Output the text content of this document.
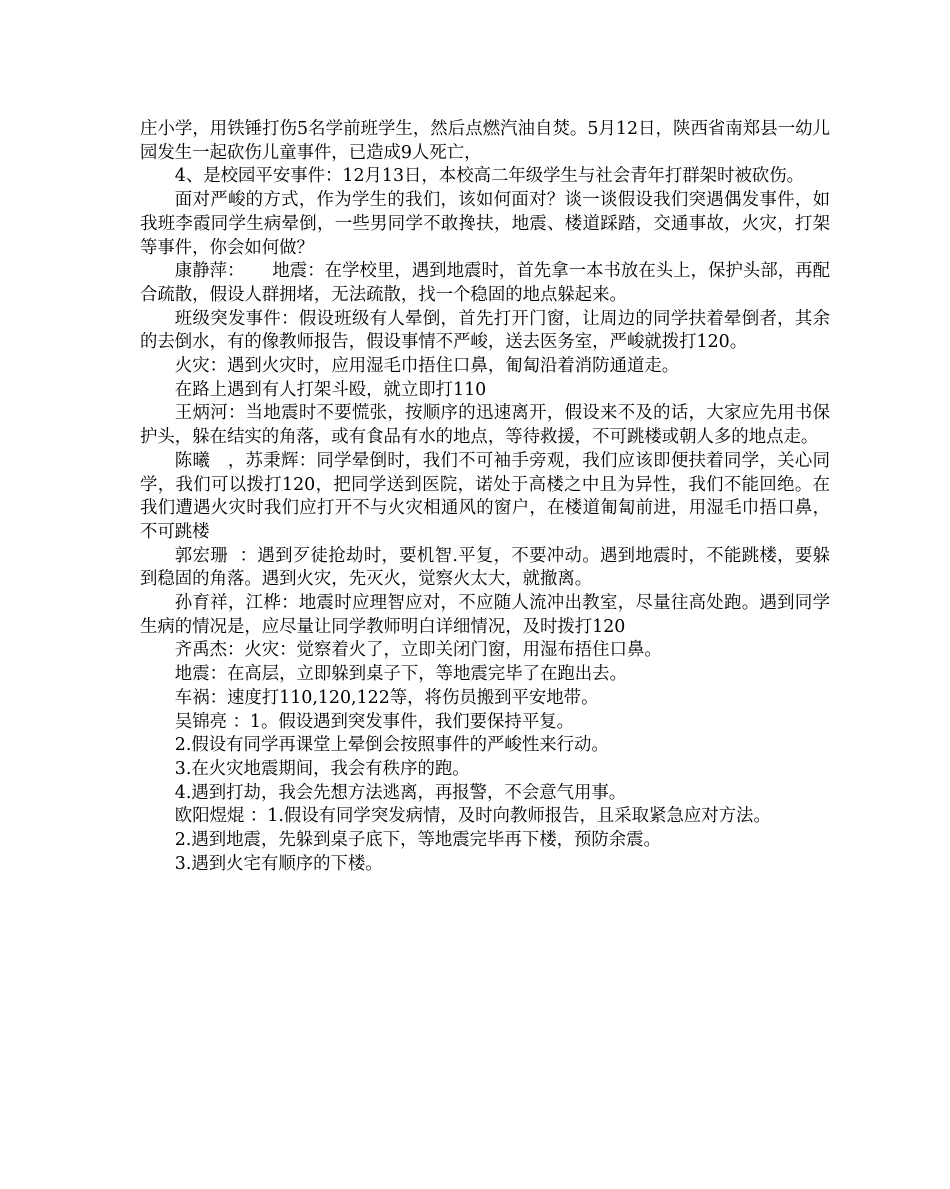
庄小学，用铁锤打伤5名学前班学生，然后点燃汽油自焚。5月12日，陕西省南郑县一幼儿园发生一起砍伤儿童事件，已造成9人死亡，

4、是校园平安事件：12月13日，本校高二年级学生与社会青年打群架时被砍伤。

面对严峻的方式，作为学生的我们，该如何面对？谈一谈假设我们突遇偶发事件，如我班李霞同学生病晕倒，一些男同学不敢搀扶，地震、楼道踩踏，交通事故，火灾，打架等事件，你会如何做？

康静萍：     地震：在学校里，遇到地震时，首先拿一本书放在头上，保护头部，再配合疏散，假设人群拥堵，无法疏散，找一个稳固的地点躲起来。

班级突发事件：假设班级有人晕倒，首先打开门窗，让周边的同学扶着晕倒者，其余的去倒水，有的像教师报告，假设事情不严峻，送去医务室，严峻就拨打120。

火灾：遇到火灾时，应用湿毛巾捂住口鼻，匍匐沿着消防通道走。

在路上遇到有人打架斗殴，就立即打110

王炳河：当地震时不要慌张，按顺序的迅速离开，假设来不及的话，大家应先用书保护头，躲在结实的角落，或有食品有水的地点，等待救援，不可跳楼或朝人多的地点走。

陈曦   ，苏秉辉：同学晕倒时，我们不可袖手旁观，我们应该即便扶着同学，关心同学，我们可以拨打120，把同学送到医院，诺处于高楼之中且为异性，我们不能回绝。在我们遭遇火灾时我们应打开不与火灾相通风的窗户，在楼道匍匐前进，用湿毛巾捂口鼻，不可跳楼

郭宏珊  ：遇到歹徒抢劫时，要机智.平复，不要冲动。遇到地震时，不能跳楼，要躲到稳固的角落。遇到火灾，先灭火，觉察火太大，就撤离。

孙育祥，江桦：地震时应理智应对，不应随人流冲出教室，尽量往高处跑。遇到同学生病的情况是，应尽量让同学教师明白详细情况，及时拨打120

齐禹杰：火灾：觉察着火了，立即关闭门窗，用湿布捂住口鼻。

地震：在高层，立即躲到桌子下，等地震完毕了在跑出去。

车祸：速度打110,120,122等，将伤员搬到平安地带。

吴锦亮 ：1。假设遇到突发事件，我们要保持平复。

2.假设有同学再课堂上晕倒会按照事件的严峻性来行动。

3.在火灾地震期间，我会有秩序的跑。

4.遇到打劫，我会先想方法逃离，再报警，不会意气用事。

欧阳煜焜 ：1.假设有同学突发病情，及时向教师报告，且采取紧急应对方法。

2.遇到地震，先躲到桌子底下，等地震完毕再下楼，预防余震。

3.遇到火宅有顺序的下楼。
